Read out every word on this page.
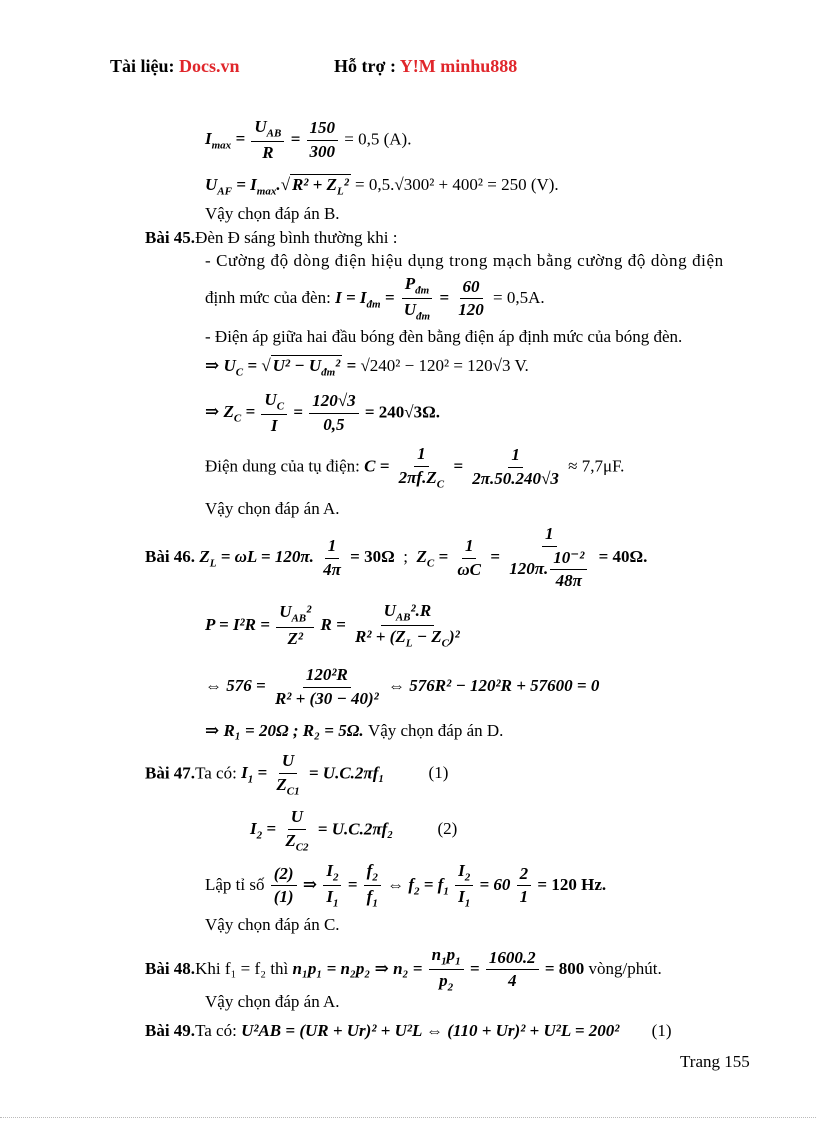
Tài liệu: Docs.vn	Hỗ trợ : Y!M minhu888
$I_{max} = \frac{U_{AB}}{R} = \frac{150}{300} = 0,5$ (A).
$U_{AF} = I_{max}.√$ $R^2 + Z_L^2 = 0,5.√300^2 + 400^2 = 250$ (V).
Vậy chọn đáp án B.
Bài 45.Đèn Đ sáng bình thường khi :
- Cường độ dòng điện hiệu dụng trong mạch bằng cường độ dòng điện
định mức của đèn: $I = I_{đm} = \frac{P_{đm}}{U_{đm}} = \frac{60}{120} = 0,5A$.
- Điện áp giữa hai đầu bóng đèn bằng điện áp định mức của bóng đèn.
⇒ $U_C$ = √ $U^2 - U_{đm}^2 = √240^2 - 120^2 = 120√3$ V.
⇒ $Z_C = \frac{U_C}{I} = \frac{120√3}{0,5} = 240√3\Omega$.
Điện dung của tụ điện: $C = \frac{1}{2\pi f.Z_C} = \frac{1}{2\pi.50.240√3} \approx 7,7\mu F$.
Vậy chọn đáp án A.
Bài 46. $Z_L = \omega L = 120\pi$. $\frac{1}{4\pi} = 30\Omega$  ;  $Z_C = \frac{1}{\omega C} = \frac{1}{120\pi. \frac{\text{10⁻²}}{48\pi}} = 40\Omega$.
$P = I^2R = \frac{U_{AB}^2}{\text{Z²}}$ $R = \frac{U_{AB}^2.R}{R^2 + (Z_L - Z_C)^2}$
⇔ $576 = \frac{\text{120²R}}{\text{R² + (30 − 40)²}}$ ⇔ 576R² − 120²R + 57600 = 0
⇒ R₁ = 20Ω ; R₂ = 5Ω. Vậy chọn đáp án D.
Bài 47.Ta có: $I_1 = \frac{U}{Z_{C1}} = U.C.2\pi f_1$	(1)
$I_2 = \frac{U}{Z_{C2}} = U.C.2\pi f_2$	(2)
Lập tỉ số $\frac{(2)}{(1)}$ ⇒ $\frac{I_2}{I_1} = \frac{f_2}{f_1}$ ⇔ $f_2 = f_1 \frac{I_2}{I_1} = 60 \frac{2}{1} = 120$ Hz.
Vậy chọn đáp án C.
Bài 48.Khi f₁ = f₂ thì n₁p₁ = n₂p₂ ⇒ $n_2 = \frac{n_1p_1}{p_2} = \frac{1600.2}{4} = 800$ vòng/phút.
Vậy chọn đáp án A.
Bài 49.Ta có: U²AB = (UR + Ur)² + U²L ⇔ (110 + Ur)² + U²L = 200² (1)
Trang 155
